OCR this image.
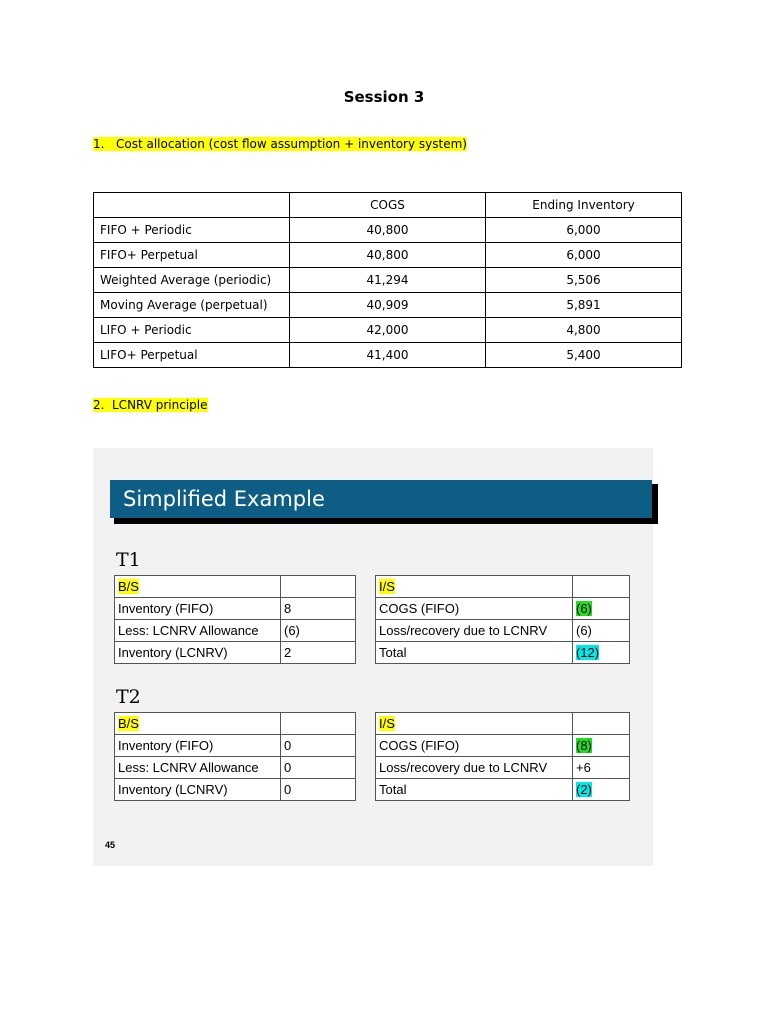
Session 3
1. Cost allocation (cost flow assumption + inventory system)
	COGS	Ending Inventory
FIFO + Periodic	40,800	6,000
FIFO+ Perpetual	40,800	6,000
Weighted Average (periodic)	41,294	5,506
Moving Average (perpetual)	40,909	5,891
LIFO + Periodic	42,000	4,800
LIFO+ Perpetual	41,400	5,400
2. LCNRV principle
Simplified Example
T1
B/S	
Inventory (FIFO)	8
Less: LCNRV Allowance	(6)
Inventory (LCNRV)	2
I/S	
COGS (FIFO)	(6)
Loss/recovery due to LCNRV	(6)
Total	(12)
T2
B/S	
Inventory (FIFO)	0
Less: LCNRV Allowance	0
Inventory (LCNRV)	0
I/S	
COGS (FIFO)	(8)
Loss/recovery due to LCNRV	+6
Total	(2)
45
